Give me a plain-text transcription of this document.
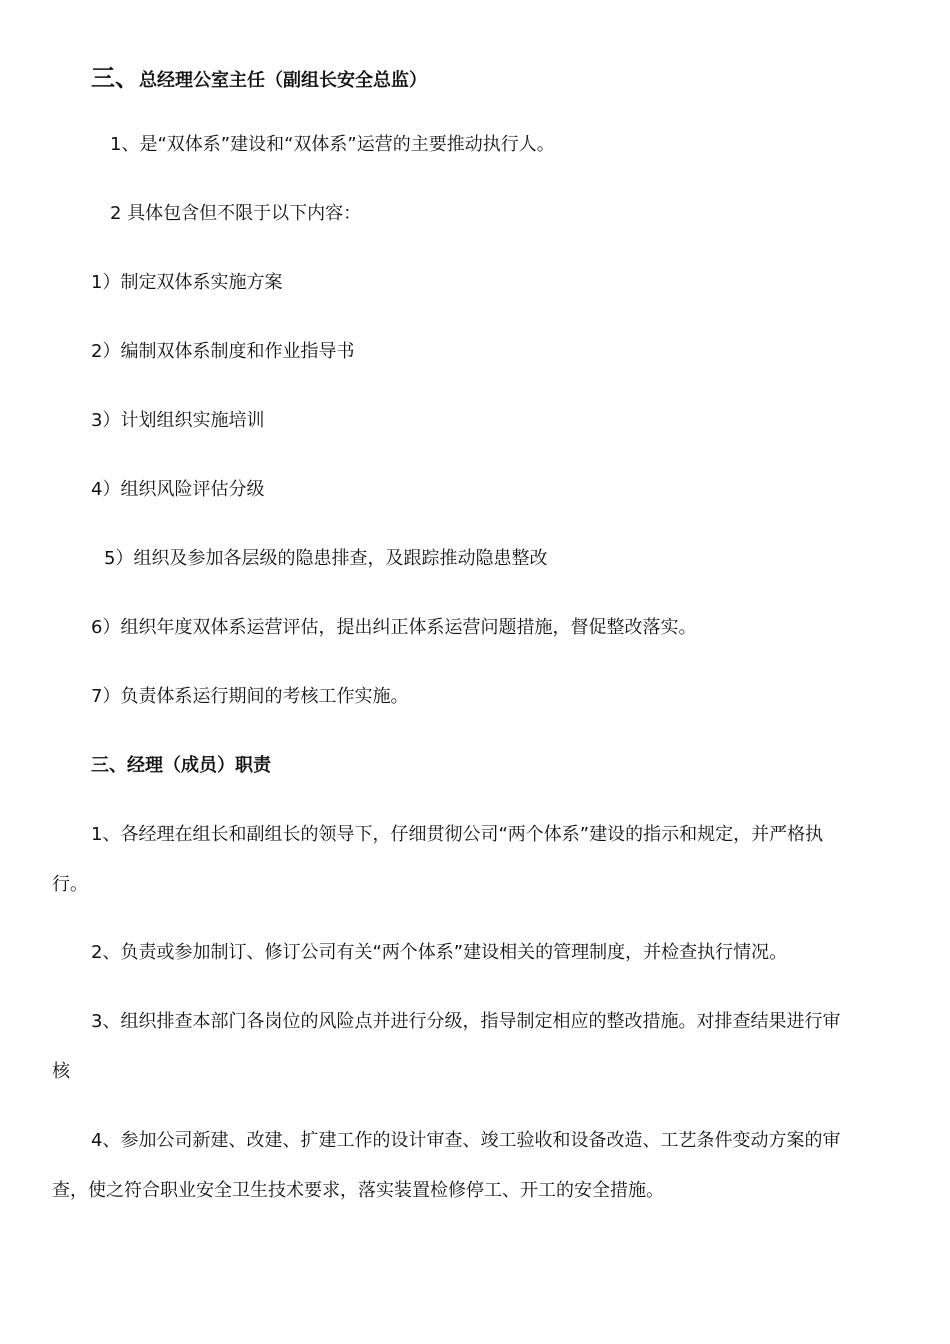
三、总经理公室主任（副组长安全总监）
1、是“双体系”建设和“双体系”运营的主要推动执行人。
2 具体包含但不限于以下内容：
1）制定双体系实施方案
2）编制双体系制度和作业指导书
3）计划组织实施培训
4）组织风险评估分级
5）组织及参加各层级的隐患排查，及跟踪推动隐患整改
6）组织年度双体系运营评估，提出纠正体系运营问题措施，督促整改落实。
7）负责体系运行期间的考核工作实施。
三、经理（成员）职责
1、各经理在组长和副组长的领导下，仔细贯彻公司“两个体系”建设的指示和规定，并严格执
行。
2、负责或参加制订、修订公司有关“两个体系”建设相关的管理制度，并检查执行情况。
3、组织排查本部门各岗位的风险点并进行分级，指导制定相应的整改措施。对排查结果进行审
核
4、参加公司新建、改建、扩建工作的设计审查、竣工验收和设备改造、工艺条件变动方案的审
查，使之符合职业安全卫生技术要求，落实装置检修停工、开工的安全措施。
